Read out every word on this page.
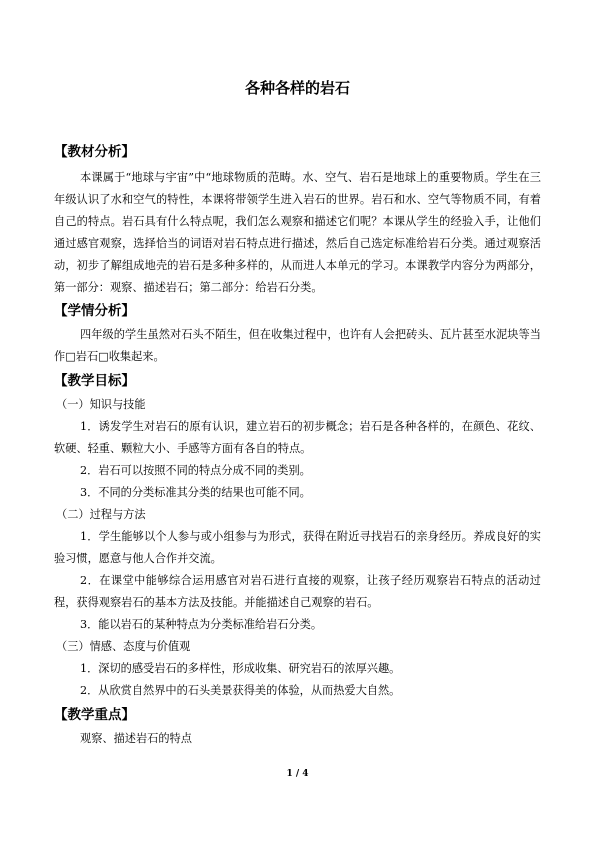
各种各样的岩石

【教材分析】

本课属于“地球与宇宙”中“地球物质的范畴。水、空气、岩石是地球上的重要物质。学生在三年级认识了水和空气的特性，本课将带领学生进入岩石的世界。岩石和水、空气等物质不同，有着自己的特点。岩石具有什么特点呢，我们怎么观察和描述它们呢？本课从学生的经验入手，让他们通过感官观察，选择恰当的词语对岩石特点进行描述，然后自己选定标准给岩石分类。通过观察活动，初步了解组成地壳的岩石是多种多样的，从而进人本单元的学习。本课教学内容分为两部分，第一部分：观察、描述岩石；第二部分：给岩石分类。

【学情分析】

四年级的学生虽然对石头不陌生，但在收集过程中，也许有人会把砖头、瓦片甚至水泥块等当作□岩石□收集起来。

【教学目标】

（一）知识与技能

1．诱发学生对岩石的原有认识，建立岩石的初步概念；岩石是各种各样的，在颜色、花纹、软硬、轻重、颗粒大小、手感等方面有各自的特点。

2．岩石可以按照不同的特点分成不同的类别。

3．不同的分类标准其分类的结果也可能不同。

（二）过程与方法

1．学生能够以个人参与或小组参与为形式，获得在附近寻找岩石的亲身经历。养成良好的实验习惯，愿意与他人合作并交流。

2．在课堂中能够综合运用感官对岩石进行直接的观察，让孩子经历观察岩石特点的活动过程，获得观察岩石的基本方法及技能。并能描述自己观察的岩石。

3．能以岩石的某种特点为分类标准给岩石分类。

（三）情感、态度与价值观

1．深切的感受岩石的多样性，形成收集、研究岩石的浓厚兴趣。

2．从欣赏自然界中的石头美景获得美的体验，从而热爱大自然。

【教学重点】

观察、描述岩石的特点

1 / 4
